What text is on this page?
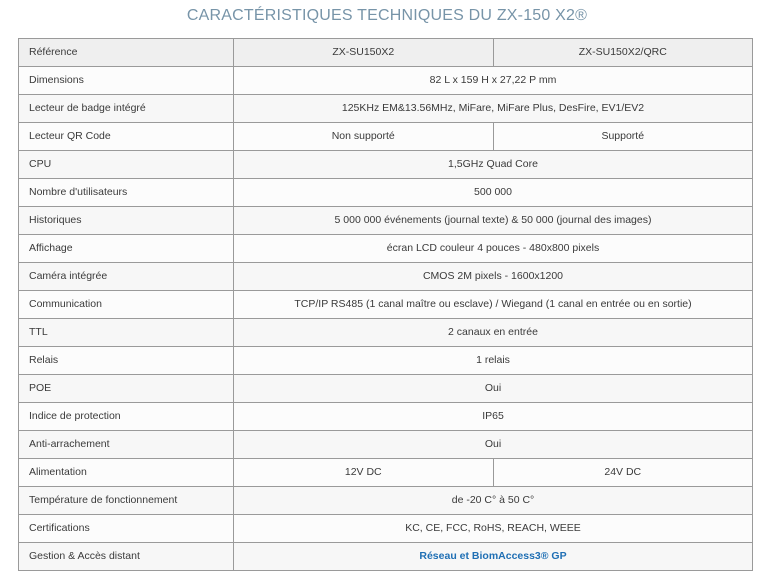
CARACTÉRISTIQUES TECHNIQUES DU ZX-150 X2®
Référence	ZX-SU150X2	ZX-SU150X2/QRC
Dimensions	82 L x 159 H x 27,22 P mm	
Lecteur de badge intégré	125KHz EM&13.56MHz, MiFare, MiFare Plus, DesFire, EV1/EV2	
Lecteur QR Code	Non supporté	Supporté
CPU	1,5GHz Quad Core	
Nombre d'utilisateurs	500 000	
Historiques	5 000 000 événements (journal texte) & 50 000 (journal des images)	
Affichage	écran LCD couleur 4 pouces - 480x800 pixels	
Caméra intégrée	CMOS 2M pixels - 1600x1200	
Communication	TCP/IP RS485 (1 canal maître ou esclave) / Wiegand (1 canal en entrée ou en sortie)	
TTL	2 canaux en entrée	
Relais	1 relais	
POE	Oui	
Indice de protection	IP65	
Anti-arrachement	Oui	
Alimentation	12V DC	24V DC
Température de fonctionnement	de -20 C° à 50 C°	
Certifications	KC, CE, FCC, RoHS, REACH, WEEE	
Gestion & Accès distant	Réseau et BiomAccess3® GP	
